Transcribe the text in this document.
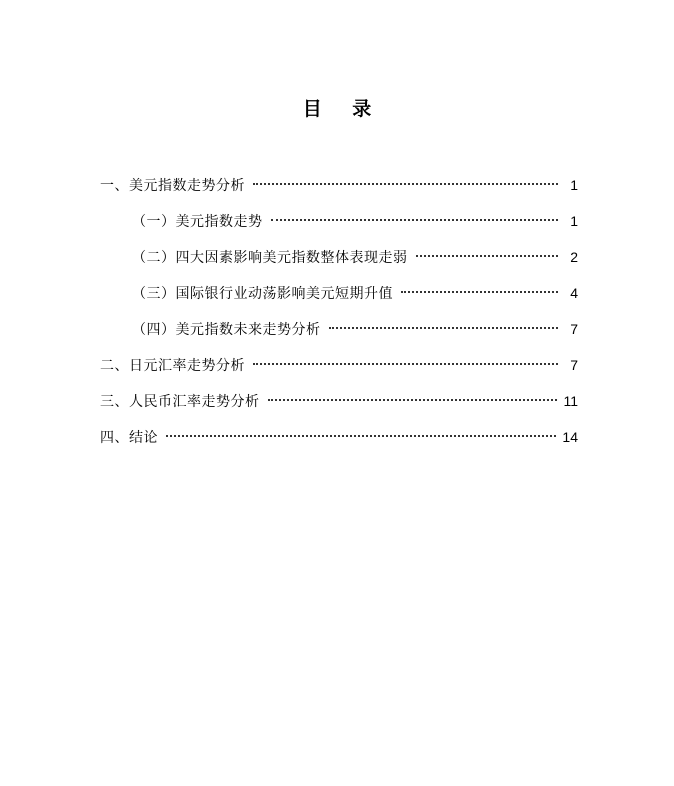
目 录
一、美元指数走势分析	1
（一）美元指数走势	1
（二）四大因素影响美元指数整体表现走弱	2
（三）国际银行业动荡影响美元短期升值	4
（四）美元指数未来走势分析	7
二、日元汇率走势分析	7
三、人民币汇率走势分析	11
四、结论	14
